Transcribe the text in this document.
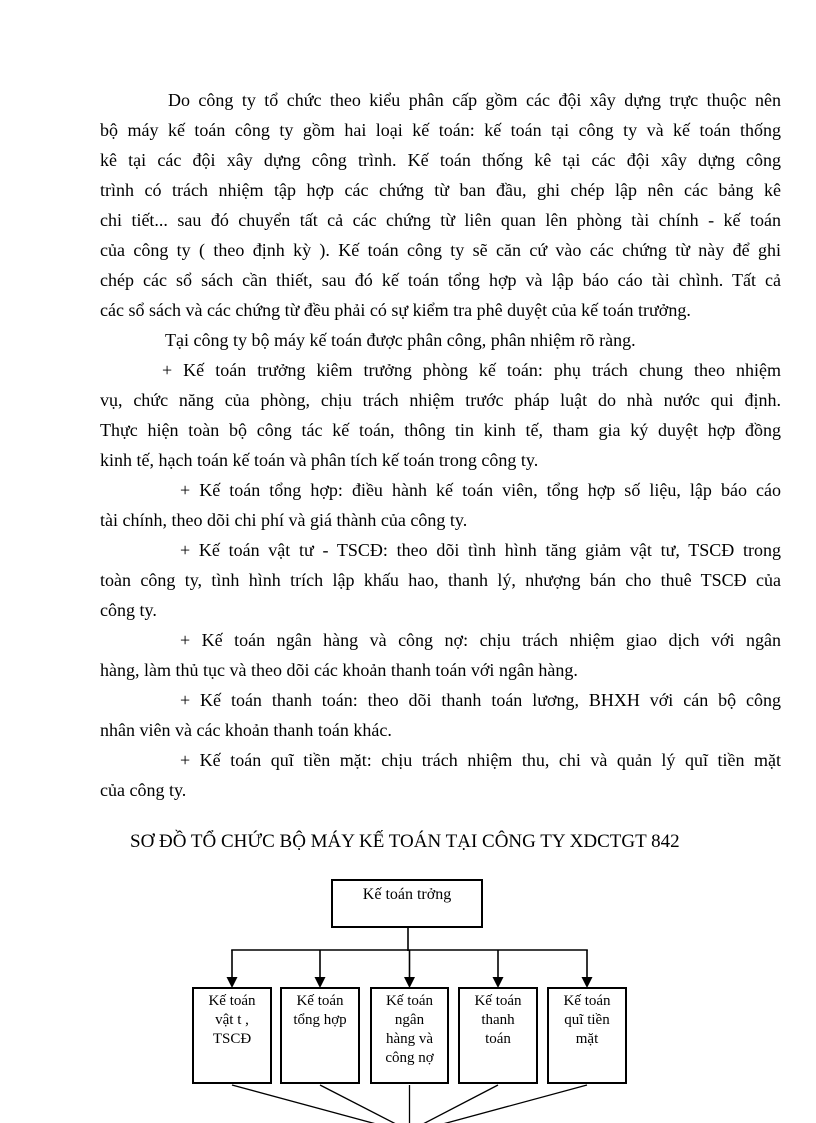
Do công ty tổ chức theo kiểu phân cấp gồm các đội xây dựng trực thuộc nên
bộ máy kế toán công ty gồm hai loại kế toán: kế toán tại công ty và kế toán thống
kê tại các đội xây dựng công trình. Kế toán thống kê tại các đội xây dựng công
trình có trách nhiệm tập hợp các chứng từ ban đầu, ghi chép lập nên các bảng kê
chi tiết... sau đó chuyển tất cả các chứng từ liên quan lên phòng tài chính - kế toán
của công ty ( theo định kỳ ). Kế toán công ty sẽ căn cứ vào các chứng từ này để ghi
chép các sổ sách cần thiết, sau đó kế toán tổng hợp và lập báo cáo tài chình. Tất cả
các sổ sách và các chứng từ đều phải có sự kiểm tra phê duyệt của kế toán trưởng.
Tại công ty bộ máy kế toán được phân công, phân nhiệm rõ ràng.
+ Kế toán trưởng kiêm trưởng phòng kế toán: phụ trách chung theo nhiệm
vụ, chức năng của phòng, chịu trách nhiệm trước pháp luật do nhà nước qui định.
Thực hiện toàn bộ công tác kế toán, thông tin kinh tế, tham gia ký duyệt hợp đồng
kinh tế, hạch toán kế toán và phân tích kế toán trong công ty.
+ Kế toán tổng hợp: điều hành kế toán viên, tổng hợp số liệu, lập báo cáo
tài chính, theo dõi chi phí và giá thành của công ty.
+ Kế toán vật tư - TSCĐ: theo dõi tình hình tăng giảm vật tư, TSCĐ trong
toàn công ty, tình hình trích lập khấu hao, thanh lý, nhượng bán cho thuê TSCĐ của
công ty.
+ Kế toán ngân hàng và công nợ: chịu trách nhiệm giao dịch với ngân
hàng, làm thủ tục và theo dõi các khoản thanh toán với ngân hàng.
+ Kế toán thanh toán: theo dõi thanh toán lương, BHXH với cán bộ công
nhân viên và các khoản thanh toán khác.
+ Kế toán quĩ tiền mặt: chịu trách nhiệm thu, chi và quản lý quĩ tiền mặt
của công ty.
SƠ ĐỒ TỔ CHỨC BỘ MÁY KẾ TOÁN TẠI CÔNG TY XDCTGT 842
Kế toán trởng
Kế toán
vật t ,
TSCĐ
Kế toán
tổng hợp
Kế toán
ngân
hàng và
công nợ
Kế toán
thanh
toán
Kế toán
quĩ tiền
mặt
